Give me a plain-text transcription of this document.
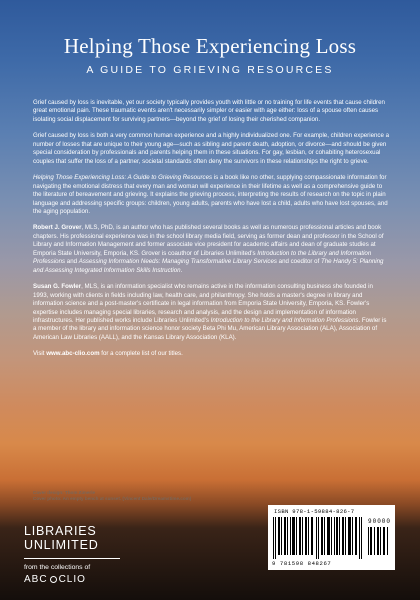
Helping Those Experiencing Loss
A GUIDE TO GRIEVING RESOURCES

Grief caused by loss is inevitable, yet our society typically provides youth with little or no training for life events that cause children great emotional pain. These traumatic events aren't necessarily simpler or easier with age either: loss of a spouse often causes isolating social displacement for surviving partners—beyond the grief of losing their cherished companion.

Grief caused by loss is both a very common human experience and a highly individualized one. For example, children experience a number of losses that are unique to their young age—such as sibling and parent death, adoption, or divorce—and should be given special consideration by professionals and parents helping them in these situations. For gay, lesbian, or cohabiting heterosexual couples that suffer the loss of a partner, societal standards often deny the survivors in these relationships the right to grieve.

Helping Those Experiencing Loss: A Guide to Grieving Resources is a book like no other, supplying compassionate information for navigating the emotional distress that every man and woman will experience in their lifetime as well as a comprehensive guide to the literature of bereavement and grieving. It explains the grieving process, interpreting the results of research on the topic in plain language and addressing specific groups: children, young adults, parents who have lost a child, adults who have lost spouses, and the aging population.

Robert J. Grover, MLS, PhD, is an author who has published several books as well as numerous professional articles and book chapters. His professional experience was in the school library media field, serving as former dean and professor in the School of Library and Information Management and former associate vice president for academic affairs and dean of graduate studies at Emporia State University, Emporia, KS. Grover is coauthor of Libraries Unlimited's Introduction to the Library and Information Professions and Assessing Information Needs: Managing Transformative Library Services and coeditor of The Handy 5: Planning and Assessing Integrated Information Skills Instruction.

Susan G. Fowler, MLS, is an information specialist who remains active in the information consulting business she founded in 1993, working with clients in fields including law, health care, and philanthropy. She holds a master's degree in library and information science and a post-master's certificate in legal information from Emporia State University, Emporia, KS. Fowler's expertise includes managing special libraries, research and analysis, and the design and implementation of information infrastructures. Her published works include Libraries Unlimited's Introduction to the Library and Information Professions. Fowler is a member of the library and information science honor society Beta Phi Mu, American Library Association (ALA), Association of American Law Libraries (AALL), and the Kansas Library Association (KLA).

Visit www.abc-clio.com for a complete list of our titles.

Cover design: Thom Zimerle
Cover photo: An empty bench at sunset. (Vincent Dale/Dreamstime.com)
LIBRARIES
UNLIMITED
from the collections of
ABC CLIO
ISBN 978-1-59884-826-7
90000
9 781598 848267
